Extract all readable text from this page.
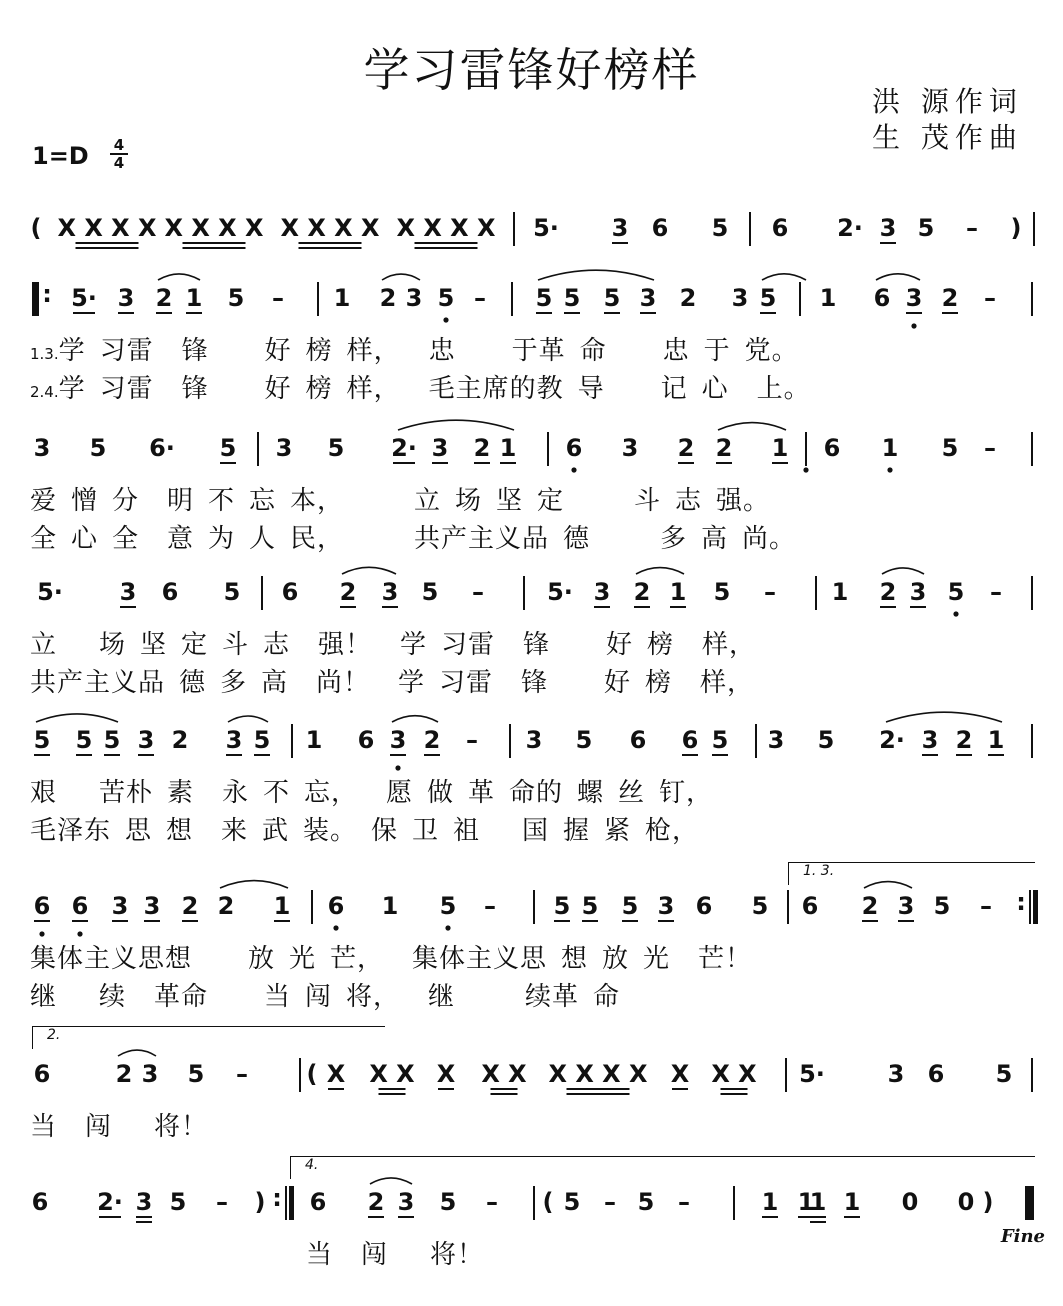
学习雷锋好榜样
洪 源作词
生 茂作曲
1=D 4
4
( X X X X X X X X X X X X X X X X 5· 3 6 5 6 2· 3 5 – )
: 5· 3 2 1 5 – 1 2 3 5 – 5 5 5 3 2 3 5 1 6 3 2 –
1.3.学 习雷  锋    好 榜 样，  忠    于革 命    忠 于 党。
2.4.学 习雷  锋    好 榜 样，  毛主席的教 导    记 心  上。
3 5 6· 5 3 5 2· 3 2 1 6 3 2 2 1 6 1 5 –
爱 憎 分  明 不 忘 本，     立 场 坚 定     斗 志 强。
全 心 全  意 为 人 民，     共产主义品 德     多 高 尚。
5· 3 6 5 6 2 3 5 –	5· 3 2 1 5 – 1 2 3 5 –
立   场 坚 定 斗 志  强！  学 习雷  锋    好 榜  样，
共产主义品 德 多 高  尚！  学 习雷  锋    好 榜  样，
5 5 5 3 2 3 5 1 6 3 2 – 3 5 6 6 5 3 5 2· 3 2 1
艰   苦朴 素  永 不 忘，  愿 做 革 命的 螺 丝 钉，
毛泽东 思 想  来 武 装。 保 卫 祖   国 握 紧 枪，
6 6 3 3 2 2 1 6 1 5 – 5 5 5 3 6 5 6 2 3 5 – :
集体主义思想    放 光 芒，  集体主义思 想 放 光  芒！
继   续  革命    当 闯 将，  继     续革 命
6	2 3 5 – ( X X X X X X X X X X X X X 5·	3 6 5
当  闯   将！
6 2· 3 5 – ) : 6 2 3 5 – ( 5 – 5 –	1 1
1 1 0 0 )
当  闯   将！
1. 3.
2.
4.
Fine
